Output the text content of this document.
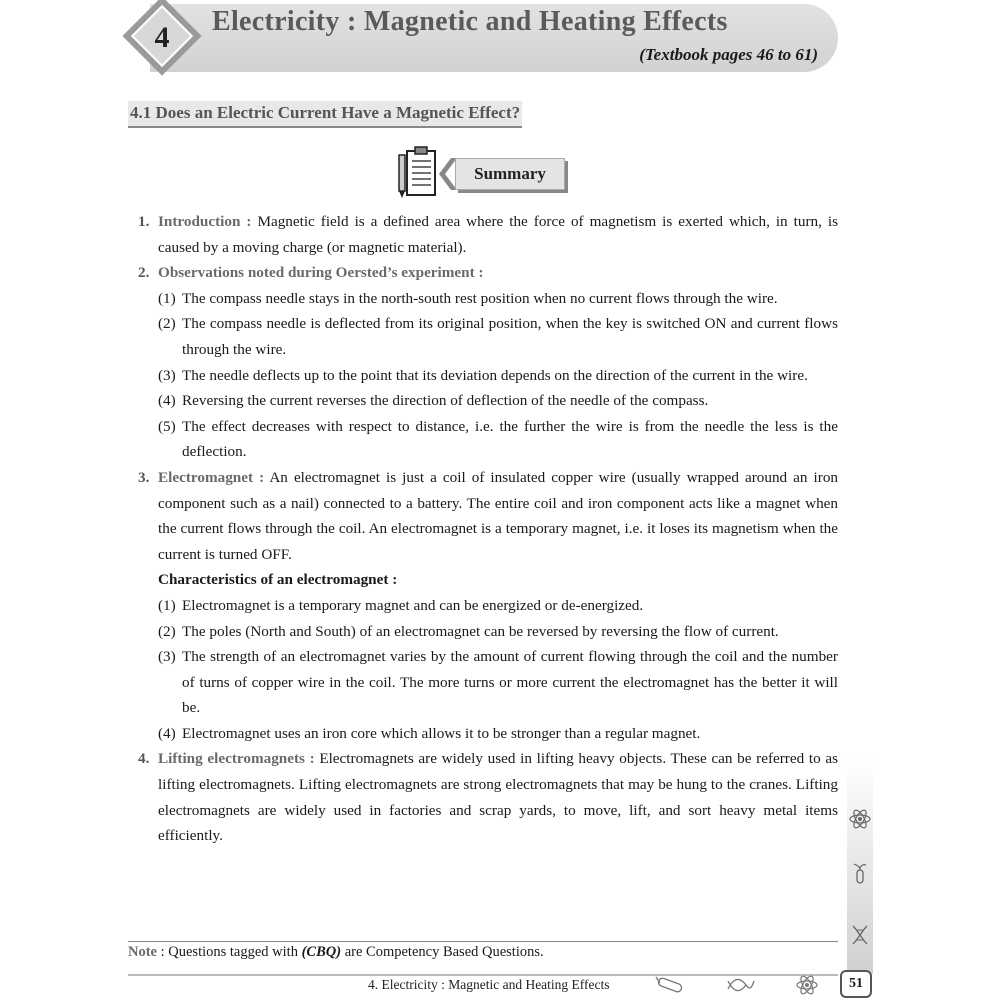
4	Electricity : Magnetic and Heating Effects
(Textbook pages 46 to 61)
4.1 Does an Electric Current Have a Magnetic Effect?
Summary
1. Introduction : Magnetic field is a defined area where the force of magnetism is exerted which, in turn, is caused by a moving charge (or magnetic material).
2. Observations noted during Oersted’s experiment :
(1) The compass needle stays in the north-south rest position when no current flows through the wire.
(2) The compass needle is deflected from its original position, when the key is switched ON and current flows through the wire.
(3) The needle deflects up to the point that its deviation depends on the direction of the current in the wire.
(4) Reversing the current reverses the direction of deflection of the needle of the compass.
(5) The effect decreases with respect to distance, i.e. the further the wire is from the needle the less is the deflection.
3. Electromagnet : An electromagnet is just a coil of insulated copper wire (usually wrapped around an iron component such as a nail) connected to a battery. The entire coil and iron component acts like a magnet when the current flows through the coil. An electromagnet is a temporary magnet, i.e. it loses its magnetism when the current is turned OFF.
Characteristics of an electromagnet :
(1) Electromagnet is a temporary magnet and can be energized or de-energized.
(2) The poles (North and South) of an electromagnet can be reversed by reversing the flow of current.
(3) The strength of an electromagnet varies by the amount of current flowing through the coil and the number of turns of copper wire in the coil. The more turns or more current the electromagnet has the better it will be.
(4) Electromagnet uses an iron core which allows it to be stronger than a regular magnet.
4. Lifting electromagnets : Electromagnets are widely used in lifting heavy objects. These can be referred to as lifting electromagnets. Lifting electromagnets are strong electromagnets that may be hung to the cranes. Lifting electromagnets are widely used in factories and scrap yards, to move, lift, and sort heavy metal items efficiently.
Note : Questions tagged with (CBQ) are Competency Based Questions.
4. Electricity : Magnetic and Heating Effects	51
